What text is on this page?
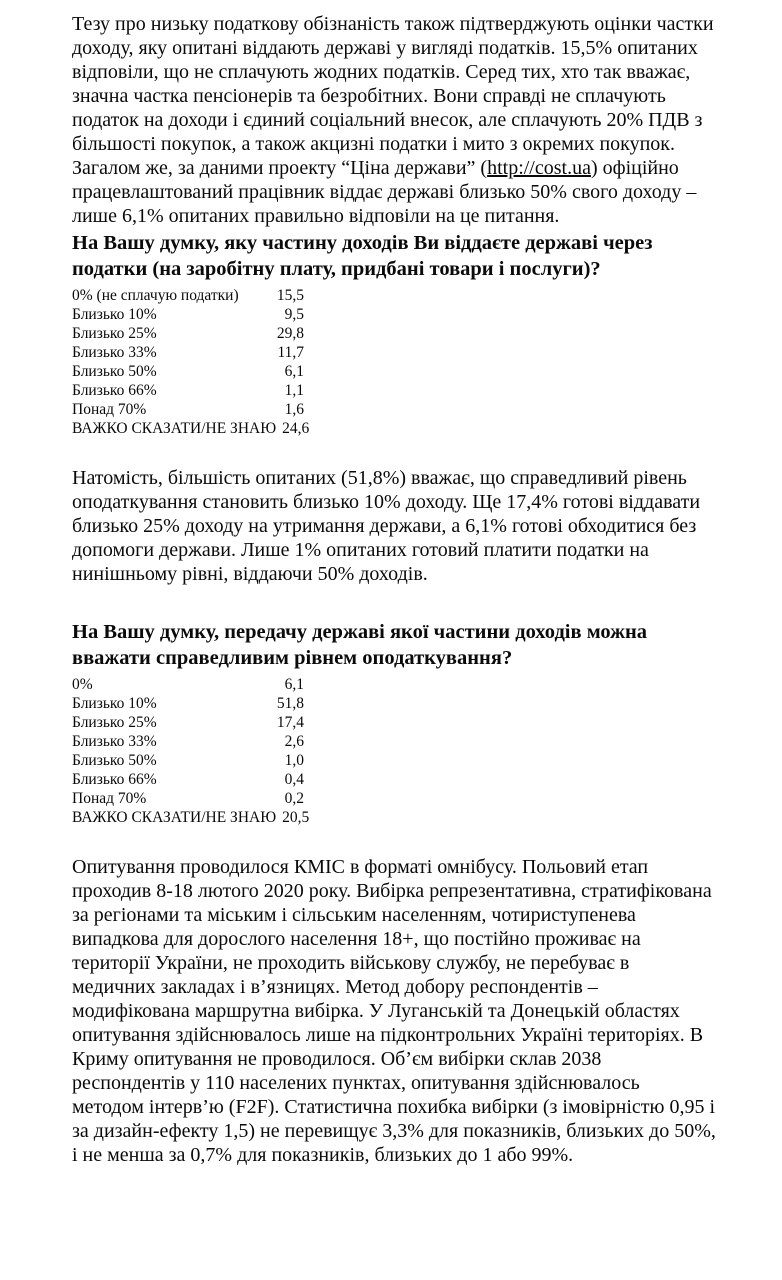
Тезу про низьку податкову обізнаність також підтверджують оцінки частки доходу, яку опитані віддають державі у вигляді податків. 15,5% опитаних відповіли, що не сплачують жодних податків. Серед тих, хто так вважає, значна частка пенсіонерів та безробітних. Вони справді не сплачують податок на доходи і єдиний соціальний внесок, але сплачують 20% ПДВ з більшості покупок, а також акцизні податки і мито з окремих покупок. Загалом же, за даними проекту “Ціна держави” (http://cost.ua) офіційно працевлаштований працівник віддає державі близько 50% свого доходу – лише 6,1% опитаних правильно відповіли на це питання.

На Вашу думку, яку частину доходів Ви віддаєте державі через податки (на заробітну плату, придбані товари і послуги)?
0% (не сплачую податки)	15,5
Близько 10%	9,5
Близько 25%	29,8
Близько 33%	11,7
Близько 50%	6,1
Близько 66%	1,1
Понад 70%	1,6
ВАЖКО СКАЗАТИ/НЕ ЗНАЮ 24,6

Натомість, більшість опитаних (51,8%) вважає, що справедливий рівень оподаткування становить близько 10% доходу. Ще 17,4% готові віддавати близько 25% доходу на утримання держави, а 6,1% готові обходитися без допомоги держави. Лише 1% опитаних готовий платити податки на нинішньому рівні, віддаючи 50% доходів.

На Вашу думку, передачу державі якої частини доходів можна вважати справедливим рівнем оподаткування?
0%	6,1
Близько 10%	51,8
Близько 25%	17,4
Близько 33%	2,6
Близько 50%	1,0
Близько 66%	0,4
Понад 70%	0,2
ВАЖКО СКАЗАТИ/НЕ ЗНАЮ 20,5

Опитування проводилося КМІС в форматі омнібусу. Польовий етап проходив 8-18 лютого 2020 року. Вибірка репрезентативна, стратифікована за регіонами та міським і сільським населенням, чотириступенева випадкова для дорослого населення 18+, що постійно проживає на території України, не проходить військову службу, не перебуває в медичних закладах і в’язницях. Метод добору респондентів – модифікована маршрутна вибірка. У Луганській та Донецькій областях опитування здійснювалось лише на підконтрольних Україні територіях. В Криму опитування не проводилося. Об’єм вибірки склав 2038 респондентів у 110 населених пунктах, опитування здійснювалось методом інтерв’ю (F2F). Статистична похибка вибірки (з імовірністю 0,95 і за дизайн-ефекту 1,5) не перевищує 3,3% для показників, близьких до 50%, і не менша за 0,7% для показників, близьких до 1 або 99%.
